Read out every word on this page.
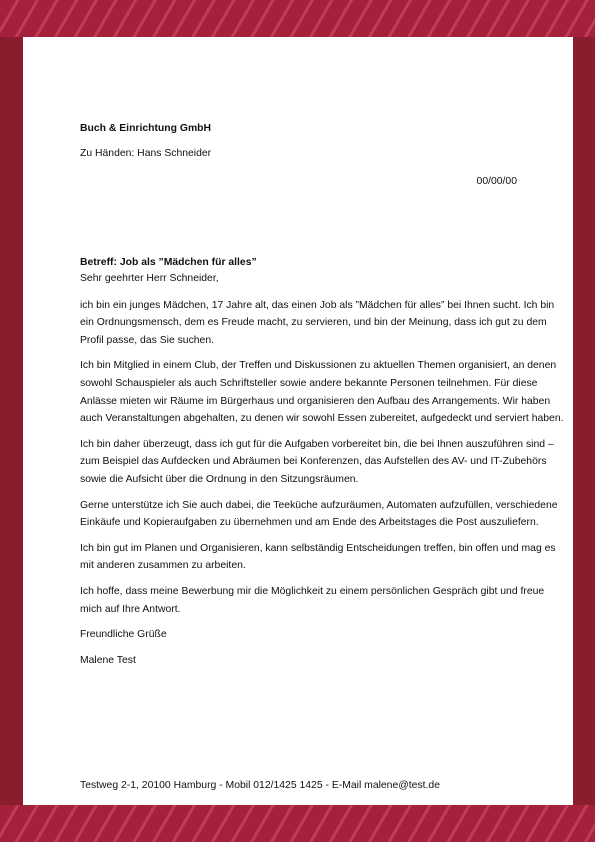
Buch & Einrichtung GmbH

Zu Händen: Hans Schneider

00/00/00

Betreff: Job als ”Mädchen für alles”

Sehr geehrter Herr Schneider,

ich bin ein junges Mädchen, 17 Jahre alt, das einen Job als ”Mädchen für alles” bei Ihnen sucht. Ich bin ein Ordnungsmensch, dem es Freude macht, zu servieren, und bin der Meinung, dass ich gut zu dem Profil passe, das Sie suchen.

Ich bin Mitglied in einem Club, der Treffen und Diskussionen zu aktuellen Themen organisiert, an denen sowohl Schauspieler als auch Schriftsteller sowie andere bekannte Personen teilnehmen. Für diese Anlässe mieten wir Räume im Bürgerhaus und organisieren den Aufbau des Arrangements. Wir haben auch Veranstaltungen abgehalten, zu denen wir sowohl Essen zubereitet, aufgedeckt und serviert haben.

Ich bin daher überzeugt, dass ich gut für die Aufgaben vorbereitet bin, die bei Ihnen auszuführen sind – zum Beispiel das Aufdecken und Abräumen bei Konferenzen, das Aufstellen des AV- und IT-Zubehörs sowie die Aufsicht über die Ordnung in den Sitzungsräumen.

Gerne unterstütze ich Sie auch dabei, die Teeküche aufzuräumen, Automaten aufzufüllen, verschiedene Einkäufe und Kopieraufgaben zu übernehmen und am Ende des Arbeitstages die Post auszuliefern.

Ich bin gut im Planen und Organisieren, kann selbständig Entscheidungen treffen, bin offen und mag es mit anderen zusammen zu arbeiten.

Ich hoffe, dass meine Bewerbung mir die Möglichkeit zu einem persönlichen Gespräch gibt und freue mich auf Ihre Antwort.

Freundliche Grüße

Malene Test

Testweg 2-1, 20100 Hamburg - Mobil 012/1425 1425 - E-Mail malene@test.de
